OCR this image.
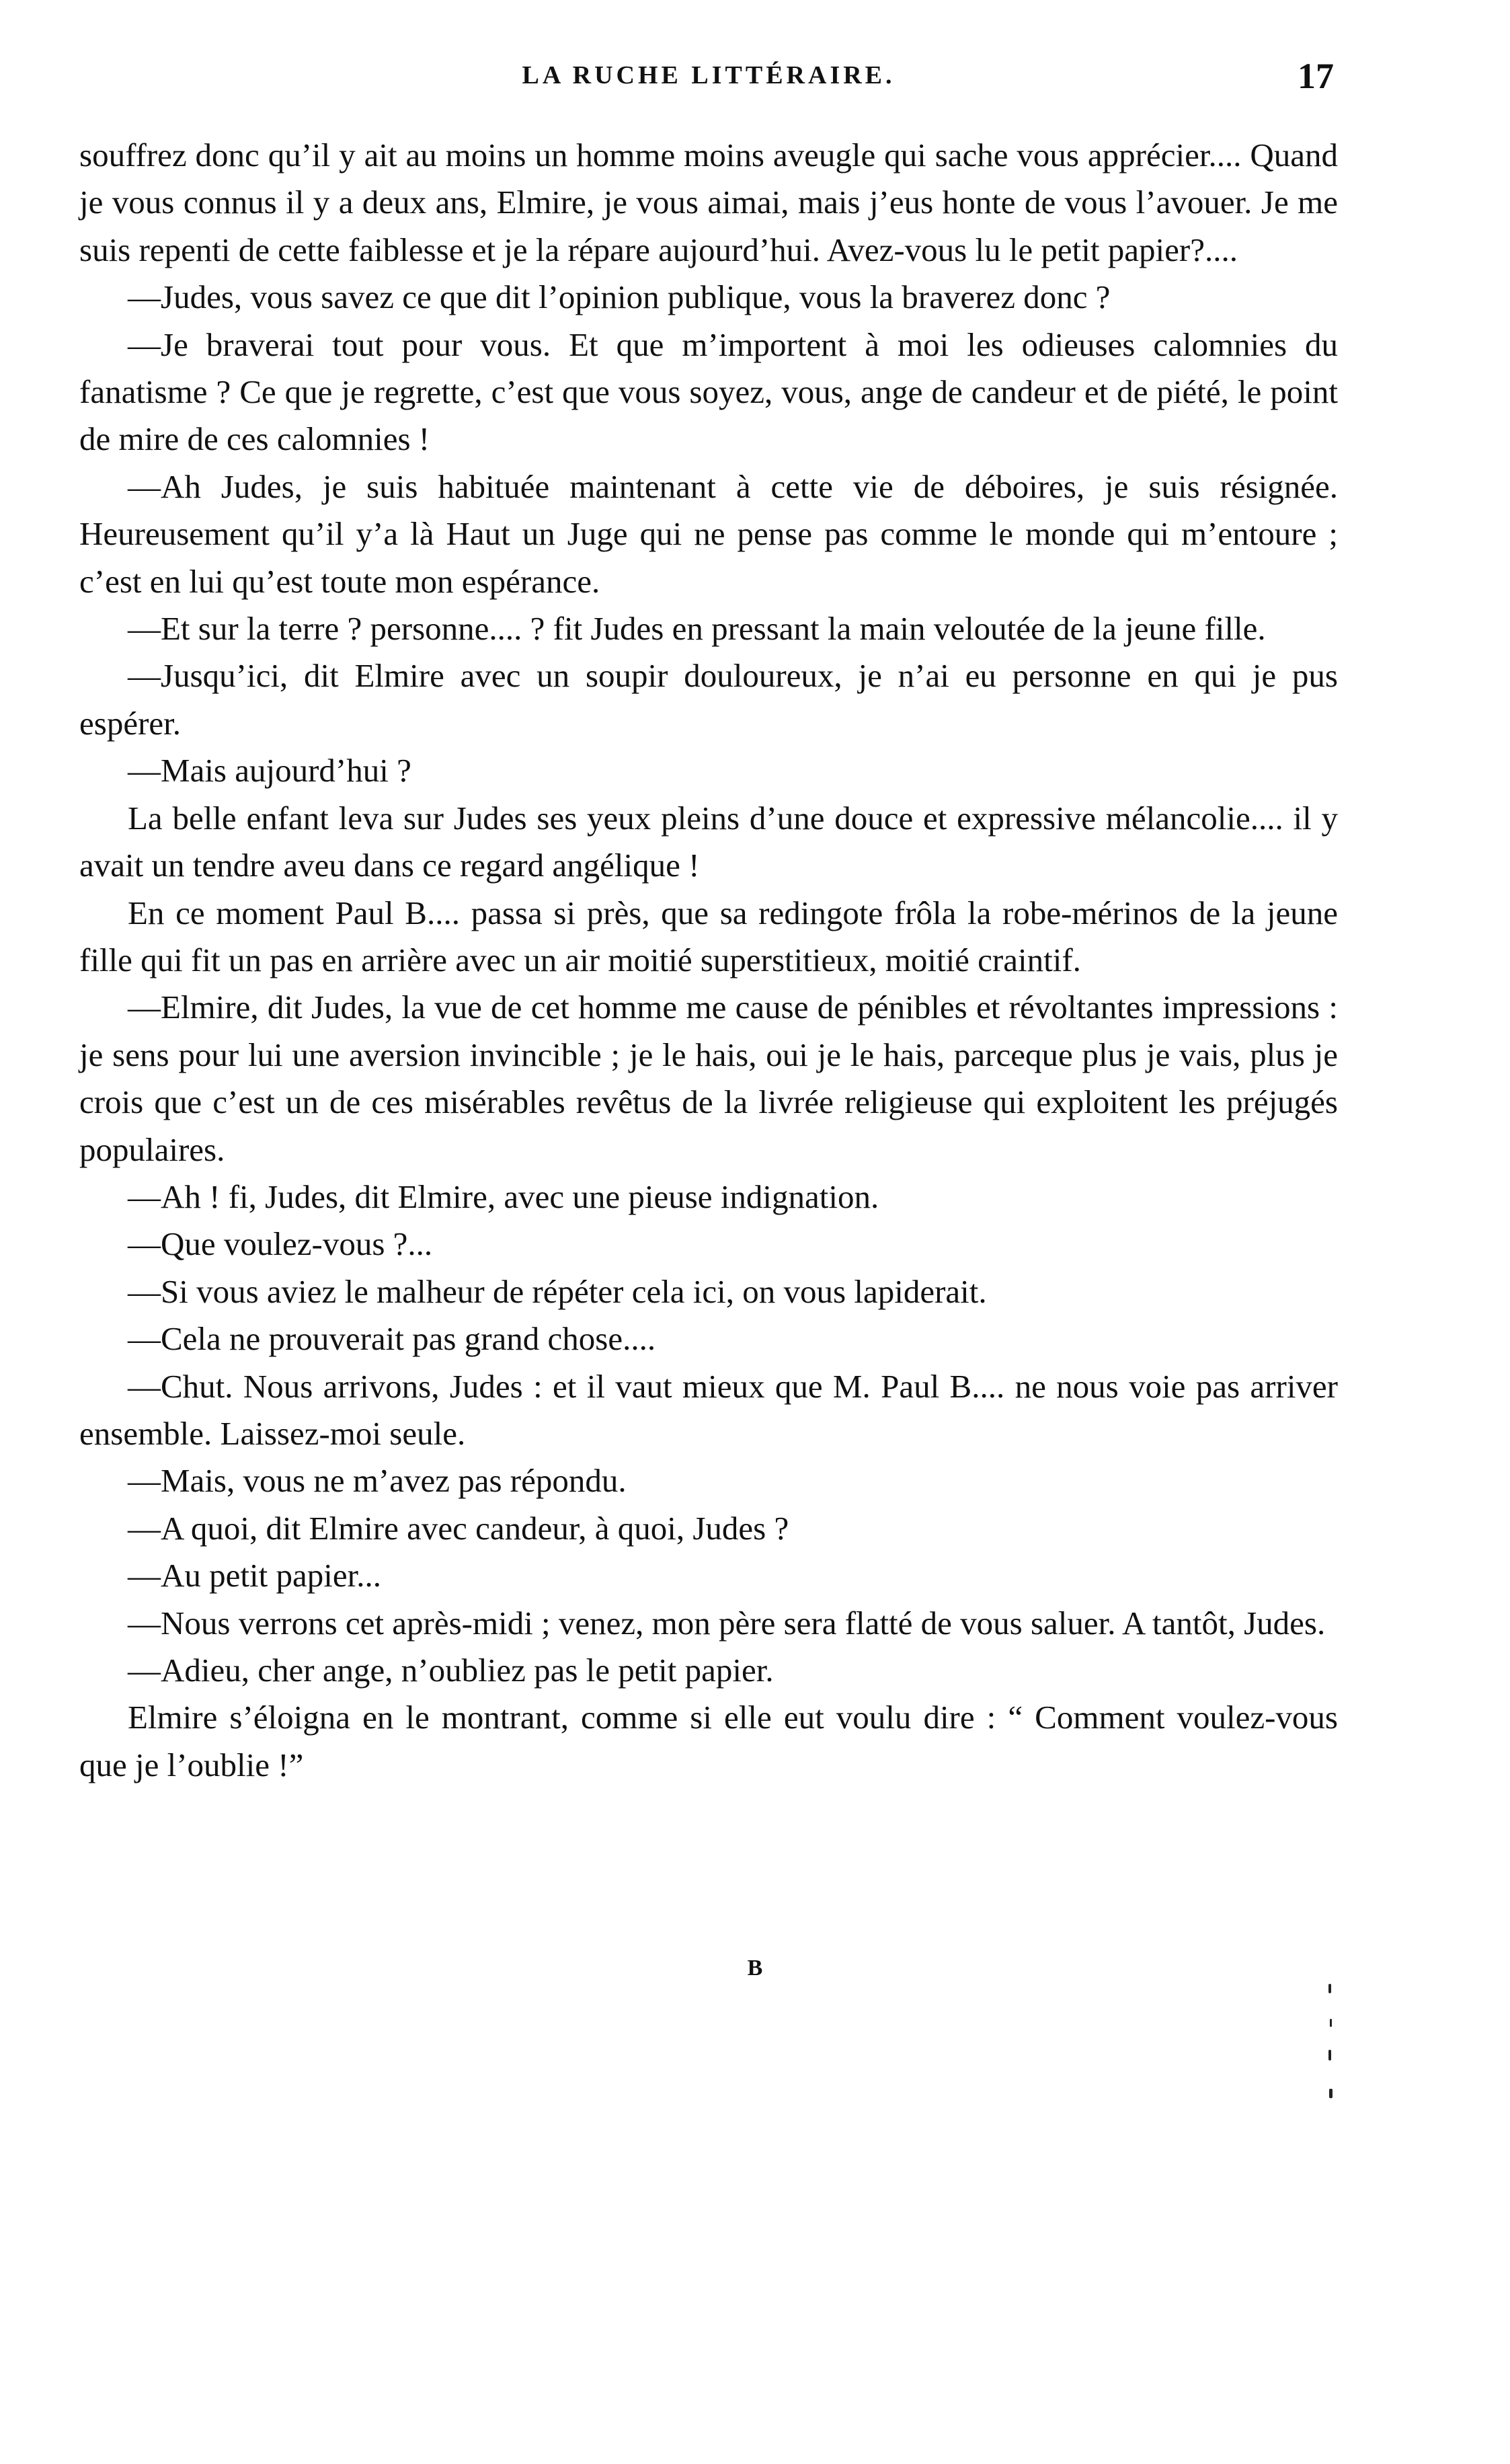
LA RUCHE LITTÉRAIRE.	17

souffrez donc qu’il y ait au moins un homme moins aveugle qui sache vous apprécier.... Quand je vous connus il y a deux ans, Elmire, je vous aimai, mais j’eus honte de vous l’avouer. Je me suis repenti de cette faiblesse et je la répare aujourd’hui. Avez-vous lu le petit papier?....

—Judes, vous savez ce que dit l’opinion publique, vous la braverez donc ?

—Je braverai tout pour vous. Et que m’importent à moi les odieuses calomnies du fanatisme ? Ce que je regrette, c’est que vous soyez, vous, ange de candeur et de piété, le point de mire de ces calomnies !

—Ah Judes, je suis habituée maintenant à cette vie de déboires, je suis résignée. Heureusement qu’il y’a là Haut un Juge qui ne pense pas comme le monde qui m’entoure ; c’est en lui qu’est toute mon espérance.

—Et sur la terre ? personne.... ? fit Judes en pressant la main veloutée de la jeune fille.

—Jusqu’ici, dit Elmire avec un soupir douloureux, je n’ai eu personne en qui je pus espérer.

—Mais aujourd’hui ?

La belle enfant leva sur Judes ses yeux pleins d’une douce et expressive mélancolie.... il y avait un tendre aveu dans ce regard angélique !

En ce moment Paul B.... passa si près, que sa redingote frôla la robe-mérinos de la jeune fille qui fit un pas en arrière avec un air moitié superstitieux, moitié craintif.

—Elmire, dit Judes, la vue de cet homme me cause de pénibles et révoltantes impressions : je sens pour lui une aversion invincible ; je le hais, oui je le hais, parceque plus je vais, plus je crois que c’est un de ces misérables revêtus de la livrée religieuse qui exploitent les préjugés populaires.

—Ah ! fi, Judes, dit Elmire, avec une pieuse indignation.

—Que voulez-vous ?...

—Si vous aviez le malheur de répéter cela ici, on vous lapiderait.

—Cela ne prouverait pas grand chose....

—Chut. Nous arrivons, Judes : et il vaut mieux que M. Paul B.... ne nous voie pas arriver ensemble. Laissez-moi seule.

—Mais, vous ne m’avez pas répondu.

—A quoi, dit Elmire avec candeur, à quoi, Judes ?

—Au petit papier...

—Nous verrons cet après-midi ; venez, mon père sera flatté de vous saluer. A tantôt, Judes.

—Adieu, cher ange, n’oubliez pas le petit papier.

Elmire s’éloigna en le montrant, comme si elle eut voulu dire : “ Comment voulez-vous que je l’oublie !”

B
